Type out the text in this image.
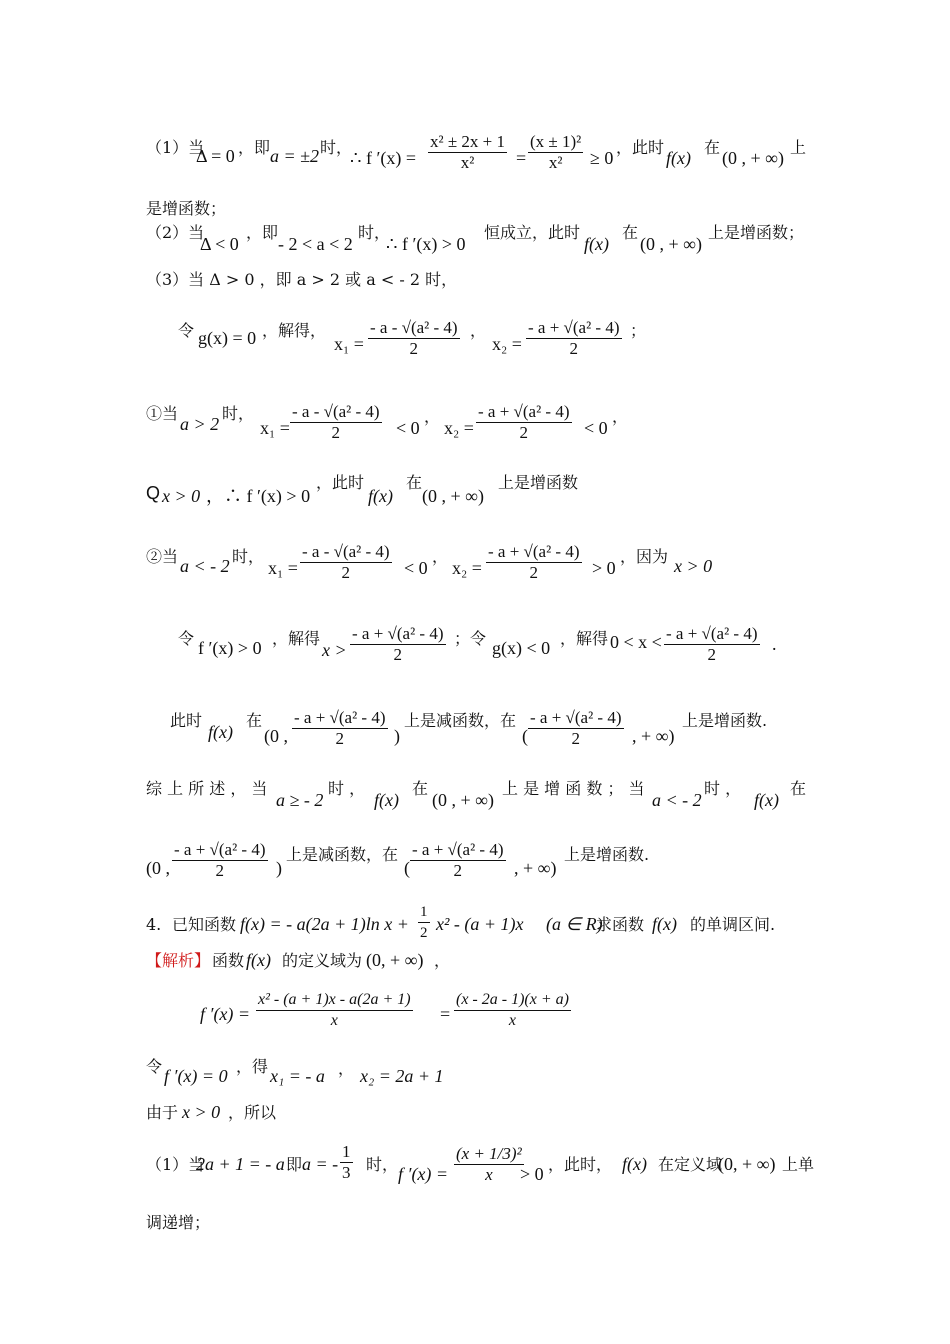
（1）当
Δ = 0 ，即 a = ±2 时，
∴ f $'(x) = \frac{\text{x² ± 2x + 1}}{\text{x²}} = \frac{\text{(x ± 1)²}}{\text{x²}} \ge 0$
，此时
f(x)
在
(0 , + ∞)
上
是增函数；
（2）当
Δ < 0
，即
- 2 < a < 2
时，
∴ f ′(x) > 0
恒成立，此时
f(x)
在
(0 , + ∞)
上是增函数；
（3）当 Δ > 0 ，即 a > 2 或 a < - 2 时，
令 g(x) = 0 ，解得，
$x_1 = \frac{\text{- a - √(a² - 4)}}{2}$ ，
$x_2 = \frac{\text{- a + √(a² - 4)}}{2}$ ；
①当
a > 2
时，
$x_1 = \frac{\text{- a - √(a² - 4)}}{2} < 0$
，
$x_2 = \frac{\text{- a + √(a² - 4)}}{2} < 0$
，
Q x > 0 ，∴ f ′(x) > 0
，此时
f(x)
在
(0 , + ∞)
上是增函数
②当 a < - 2 时，
$x_1 = \frac{\text{- a - √(a² - 4)}}{2} < 0$
，
$x_2 = \frac{\text{- a + √(a² - 4)}}{2} > 0$
，因为 x > 0
令 f ′(x) > 0 ，解得
$x > \frac{\text{- a + √(a² - 4)}}{2}$ ；令 g(x) < 0 ，解得 $0 < x < \frac{\text{- a + √(a² - 4)}}{2}$ .
此时
f(x)
在
(0 , $\frac{\text{- a + √(a² - 4)}}{2}$ )
上是减函数，在
( $\frac{\text{- a + √(a² - 4)}}{2}$ , + ∞)
上是增函数.
综 上 所 述 ， 当
a ≥ - 2
时 ，
f(x)
在
(0 , + ∞)
上 是 增 函 数 ； 当
a < - 2
时 ，
f(x)
在
(0 , $\frac{\text{- a + √(a² - 4)}}{2}$ )
上是减函数，在
( $\frac{\text{- a + √(a² - 4)}}{2}$ , + ∞)
上是增函数.
4. 已知函数 f(x) = - a(2a + 1)ln $x + \frac{1}{2} x^2 - (a + 1)x$ (a ∈ R)
求函数 f(x) 的单调区间.
【解析】 函数 f(x) 的定义域为 (0, + ∞) ，
f $'(x) = \frac{\text{x² - (a + 1)x - a(2a + 1)}}{x} = \frac{(x - 2a - 1)(x + a)}{x}$
令 f ′(x) = 0 ，得 x₁ = - a ， x₂ = 2a + 1
由于 x > 0 ，所以
（1）当
2a + 1 = - a 即 a = - $\frac{1}{3}$ 时， f $'(x) = \frac{\text{(x + 1/3)²}}{x}$
> 0 ，此时， f(x) 在定义域
(0, + ∞) 上单
调递增；
